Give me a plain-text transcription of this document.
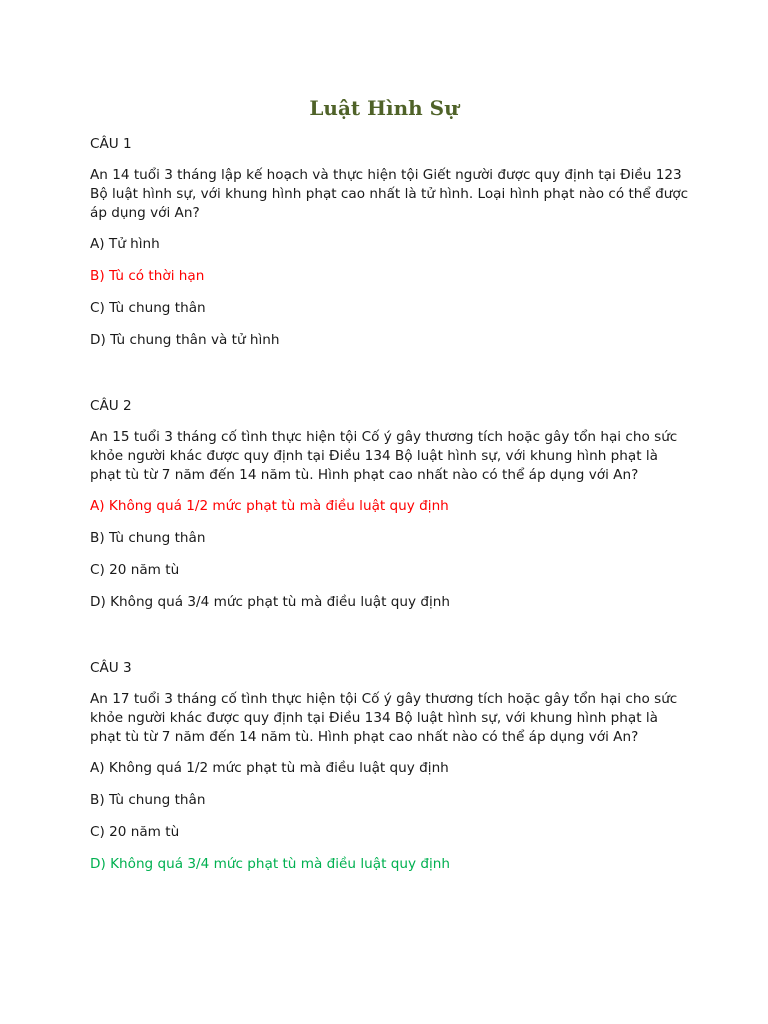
Luật Hình Sự
CÂU 1
An 14 tuổi 3 tháng lập kế hoạch và thực hiện tội Giết người được quy định tại Điều 123 Bộ luật hình sự, với khung hình phạt cao nhất là tử hình. Loại hình phạt nào có thể được áp dụng với An?
A) Tử hình
B) Tù có thời hạn
C) Tù chung thân
D) Tù chung thân và tử hình
CÂU 2
An 15 tuổi 3 tháng cố tình thực hiện tội Cố ý gây thương tích hoặc gây tổn hại cho sức khỏe người khác được quy định tại Điều 134 Bộ luật hình sự, với khung hình phạt là phạt tù từ 7 năm đến 14 năm tù. Hình phạt cao nhất nào có thể áp dụng với An?
A) Không quá 1/2 mức phạt tù mà điều luật quy định
B) Tù chung thân
C) 20 năm tù
D) Không quá 3/4 mức phạt tù mà điều luật quy định
CÂU 3
An 17 tuổi 3 tháng cố tình thực hiện tội Cố ý gây thương tích hoặc gây tổn hại cho sức khỏe người khác được quy định tại Điều 134 Bộ luật hình sự, với khung hình phạt là phạt tù từ 7 năm đến 14 năm tù. Hình phạt cao nhất nào có thể áp dụng với An?
A) Không quá 1/2 mức phạt tù mà điều luật quy định
B) Tù chung thân
C) 20 năm tù
D) Không quá 3/4 mức phạt tù mà điều luật quy định
